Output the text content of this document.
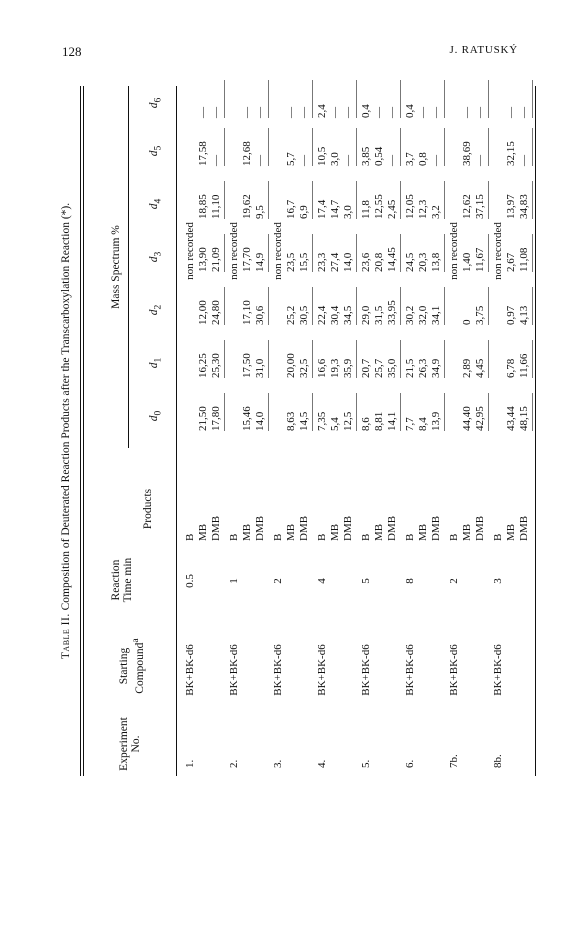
128	J. RATUSKÝ
Table II. Composition of Deuterated Reaction Products after the Transcarboxylation Reaction (*).
Experiment No.
Starting Compound$^a$
Reaction Time min
Products
Mass Spectrum %
$d_0$
$d_1$
$d_2$
$d_3$
$d_4$
$d_5$
$d_6$
1.
BK+BK-d6
0.5
B MB DMB
non recorded
21,50 17,80
16,25 25,30
12,00 24,80
13,90 21,09
18,85 11,10
17,58 —
— —
2.
BK+BK-d6
1
B MB DMB
non recorded
15,46 14,0
17,50 31,0
17,10 30,6
17,70 14,9
19,62 9,5
12,68 —
— —
3.
BK+BK-d6
2
B MB DMB
non recorded
8,63 14,5
20,00 32,5
25,2 30,5
23,5 15,5
16,7 6,9
5,7 —
— —
4.
BK+BK-d6
4
B MB DMB
7,35 5,4 12,5
16,6 19,3 35,9
22,4 30,4 34,5
23,3 27,4 14,0
17,4 14,7 3,0
10,5 3,0 —
2,4 — —
5.
BK+BK-d6
5
B MB DMB
8,6 8,81 14,1
20,7 25,7 35,0
29,0 31,5 33,95
23,6 20,8 14,45
11,8 12,55 2,45
3,85 0,54 —
0,4 — —
6.
BK+BK-d6
8
B MB DMB
7,7 8,4 13,9
21,5 26,3 34,9
30,2 32,0 34,1
24,5 20,3 13,8
12,05 12,3 3,2
3,7 0,8 —
0,4 — —
7b.
BK+BK-d6
2
B MB DMB
non recorded
44,40 42,95
2,89 4,45
0 3,75
1,40 11,67
12,62 37,15
38,69 —
— —
8b.
BK+BK-d6
3
B MB DMB
non recorded
43,44 48,15
6,78 11,66
0,97 4,13
2,67 11,08
13,97 34,83
32,15 —
— —
